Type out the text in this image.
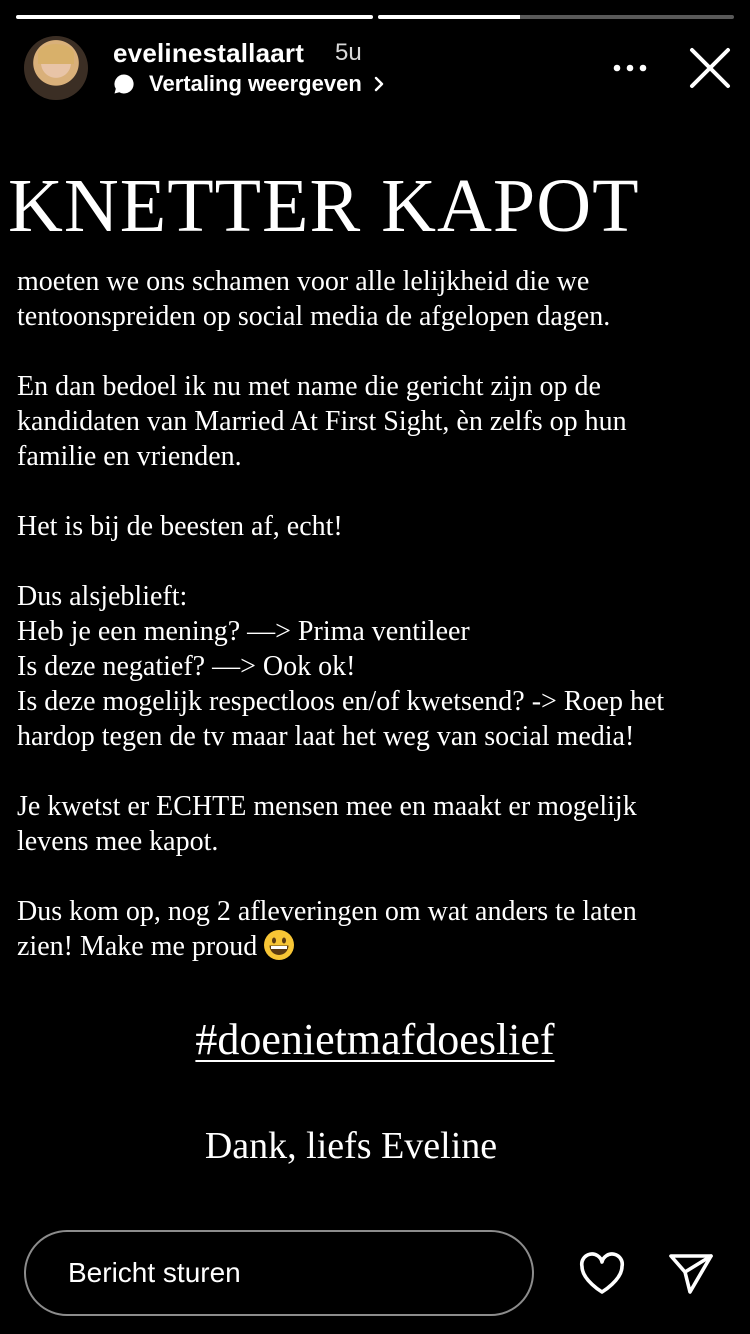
evelinestallaart 5u
Vertaling weergeven
KNETTER KAPOT

moeten we ons schamen voor alle lelijkheid die we
tentoonspreiden op social media de afgelopen dagen.

En dan bedoel ik nu met name die gericht zijn op de
kandidaten van Married At First Sight, èn zelfs op hun
familie en vrienden.

Het is bij de beesten af, echt!

Dus alsjeblieft:
Heb je een mening? —> Prima ventileer
Is deze negatief? —> Ook ok!
Is deze mogelijk respectloos en/of kwetsend? -> Roep het
hardop tegen de tv maar laat het weg van social media!

Je kwetst er ECHTE mensen mee en maakt er mogelijk
levens mee kapot.

Dus kom op, nog 2 afleveringen om wat anders te laten
zien! Make me proud

#doenietmafdoeslief
Dank, liefs Eveline
Bericht sturen
